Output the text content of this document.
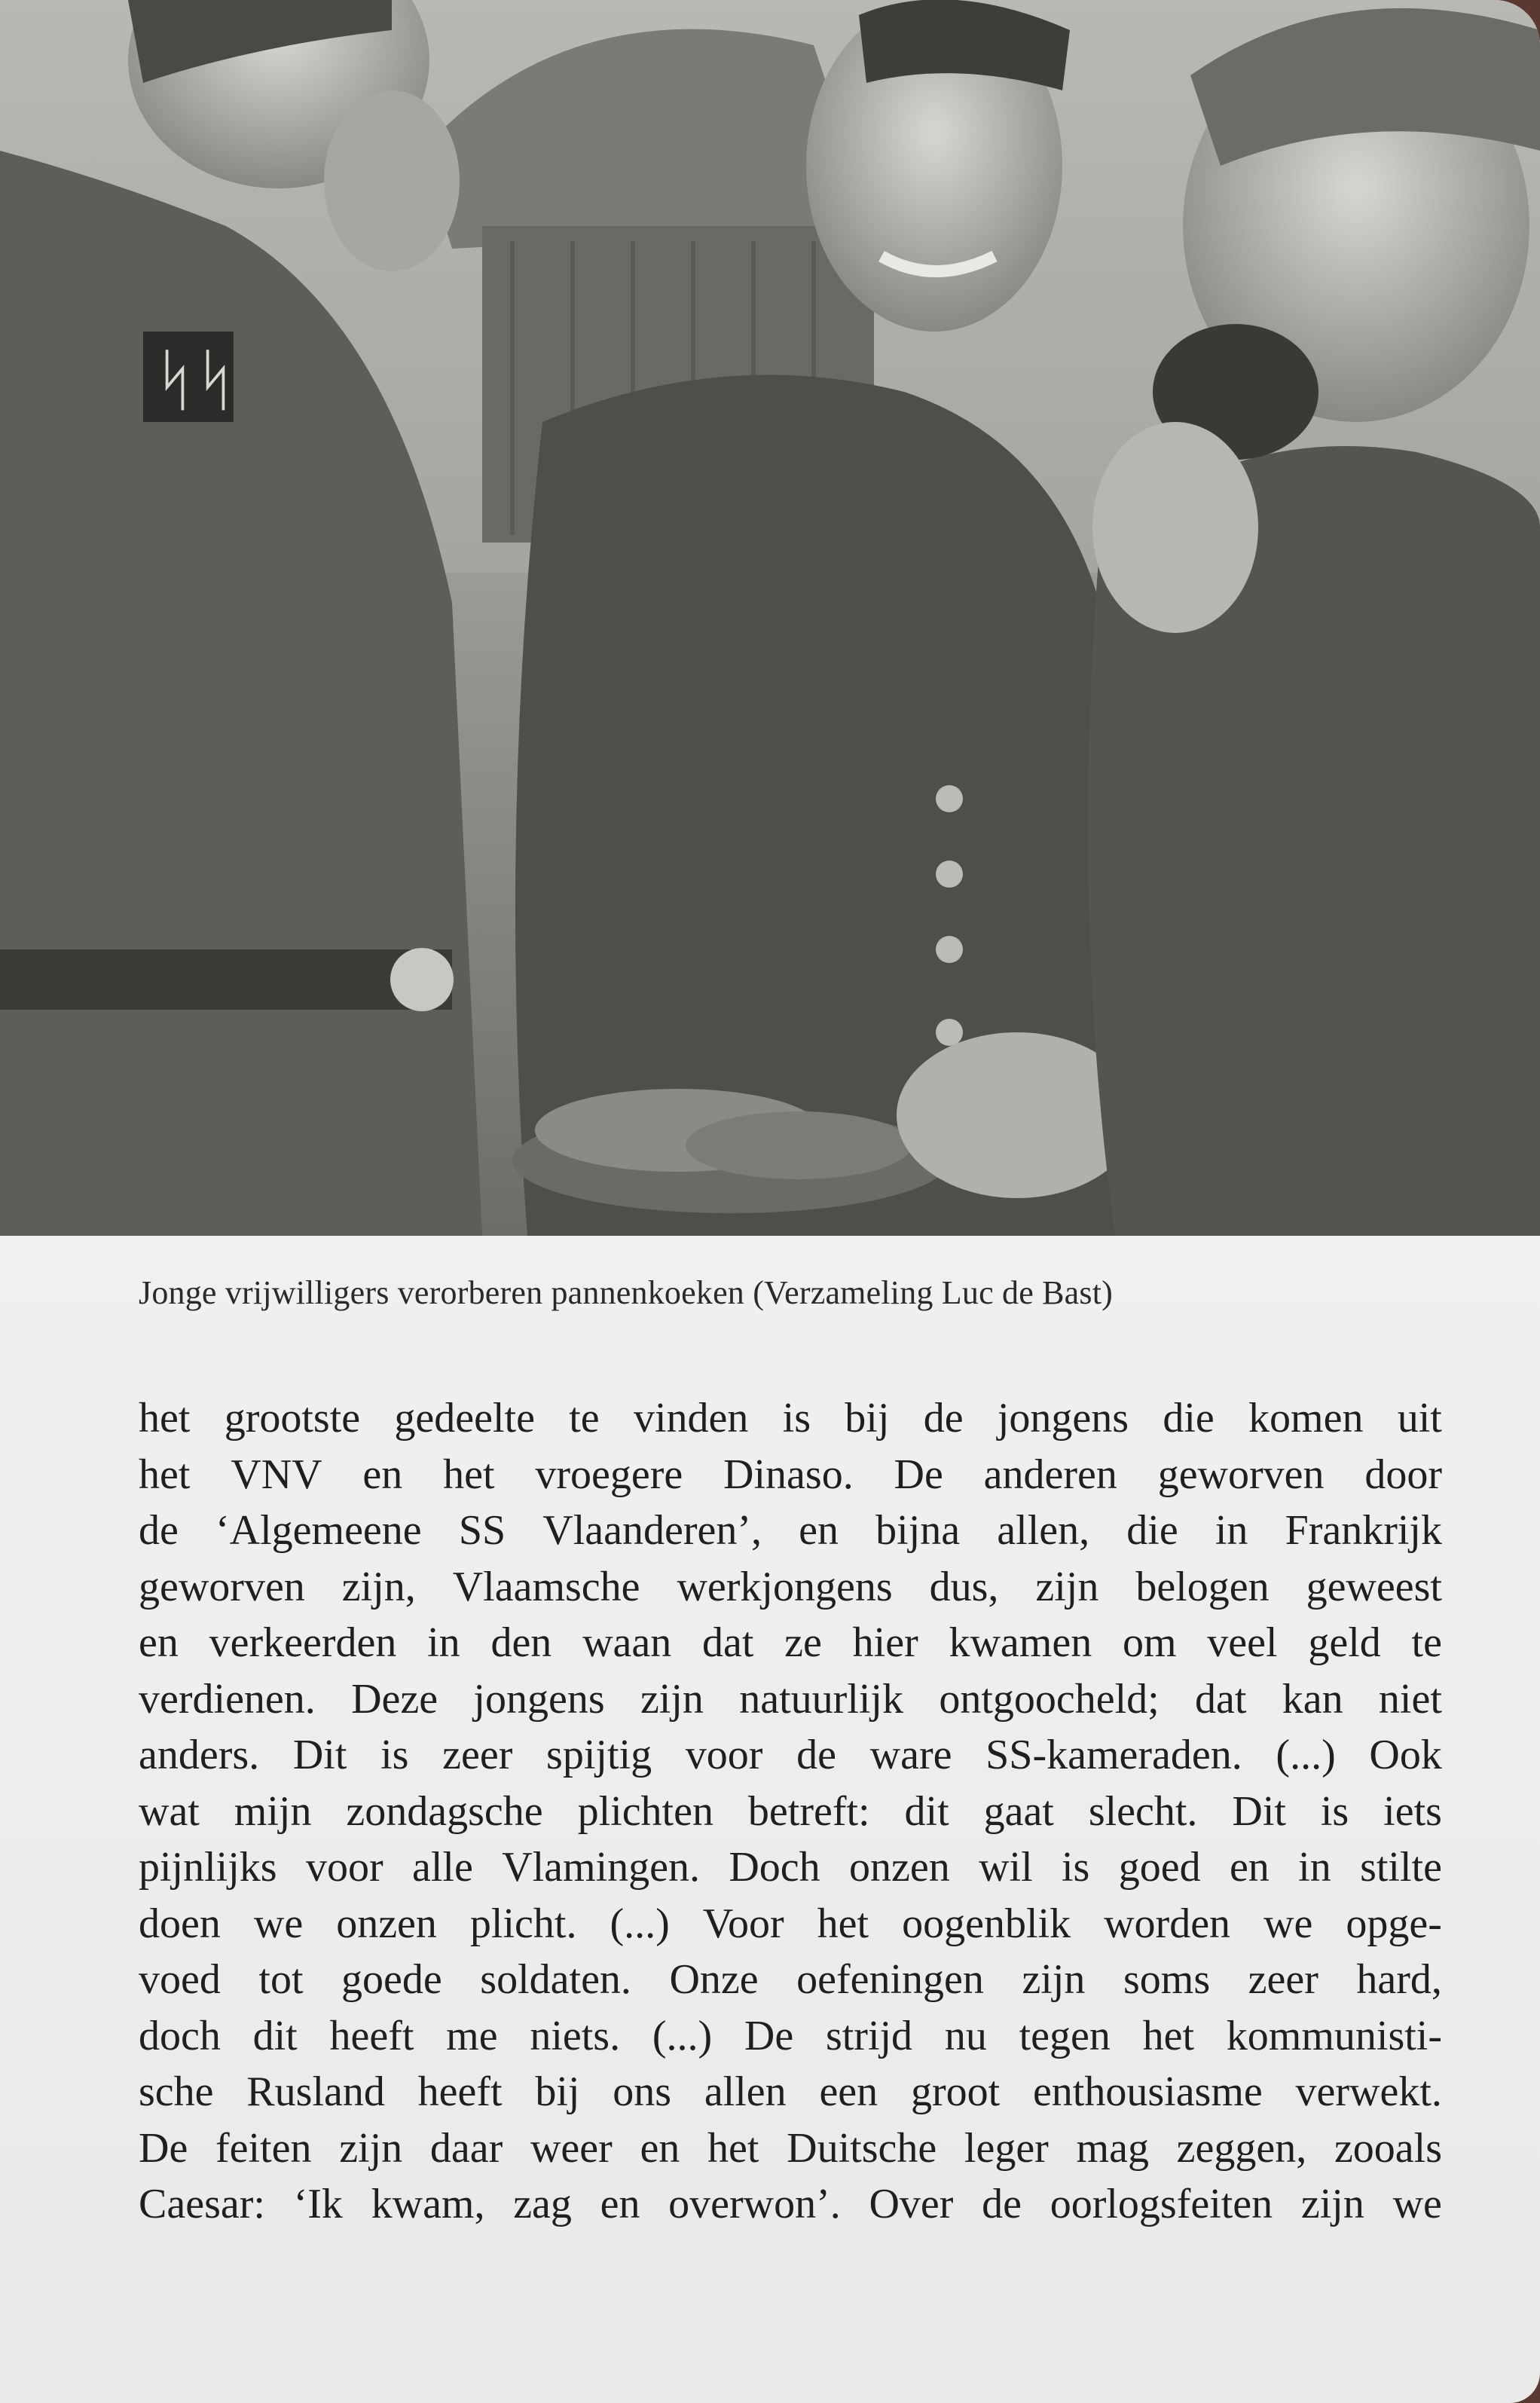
ᛋᛋ
Jonge vrijwilligers verorberen pannenkoeken (Verzameling Luc de Bast)
het grootste gedeelte te vinden is bij de jongens die komen uit
het VNV en het vroegere Dinaso. De anderen geworven door
de ‘Algemeene SS Vlaanderen’, en bijna allen, die in Frankrijk
geworven zijn, Vlaamsche werkjongens dus, zijn belogen geweest
en verkeerden in den waan dat ze hier kwamen om veel geld te
verdienen. Deze jongens zijn natuurlijk ontgoocheld; dat kan niet
anders. Dit is zeer spijtig voor de ware SS-kameraden. (...) Ook
wat mijn zondagsche plichten betreft: dit gaat slecht. Dit is iets
pijnlijks voor alle Vlamingen. Doch onzen wil is goed en in stilte
doen we onzen plicht. (...) Voor het oogenblik worden we opge-
voed tot goede soldaten. Onze oefeningen zijn soms zeer hard,
doch dit heeft me niets. (...) De strijd nu tegen het kommunisti-
sche Rusland heeft bij ons allen een groot enthousiasme verwekt.
De feiten zijn daar weer en het Duitsche leger mag zeggen, zooals
Caesar: ‘Ik kwam, zag en overwon’. Over de oorlogsfeiten zijn we
